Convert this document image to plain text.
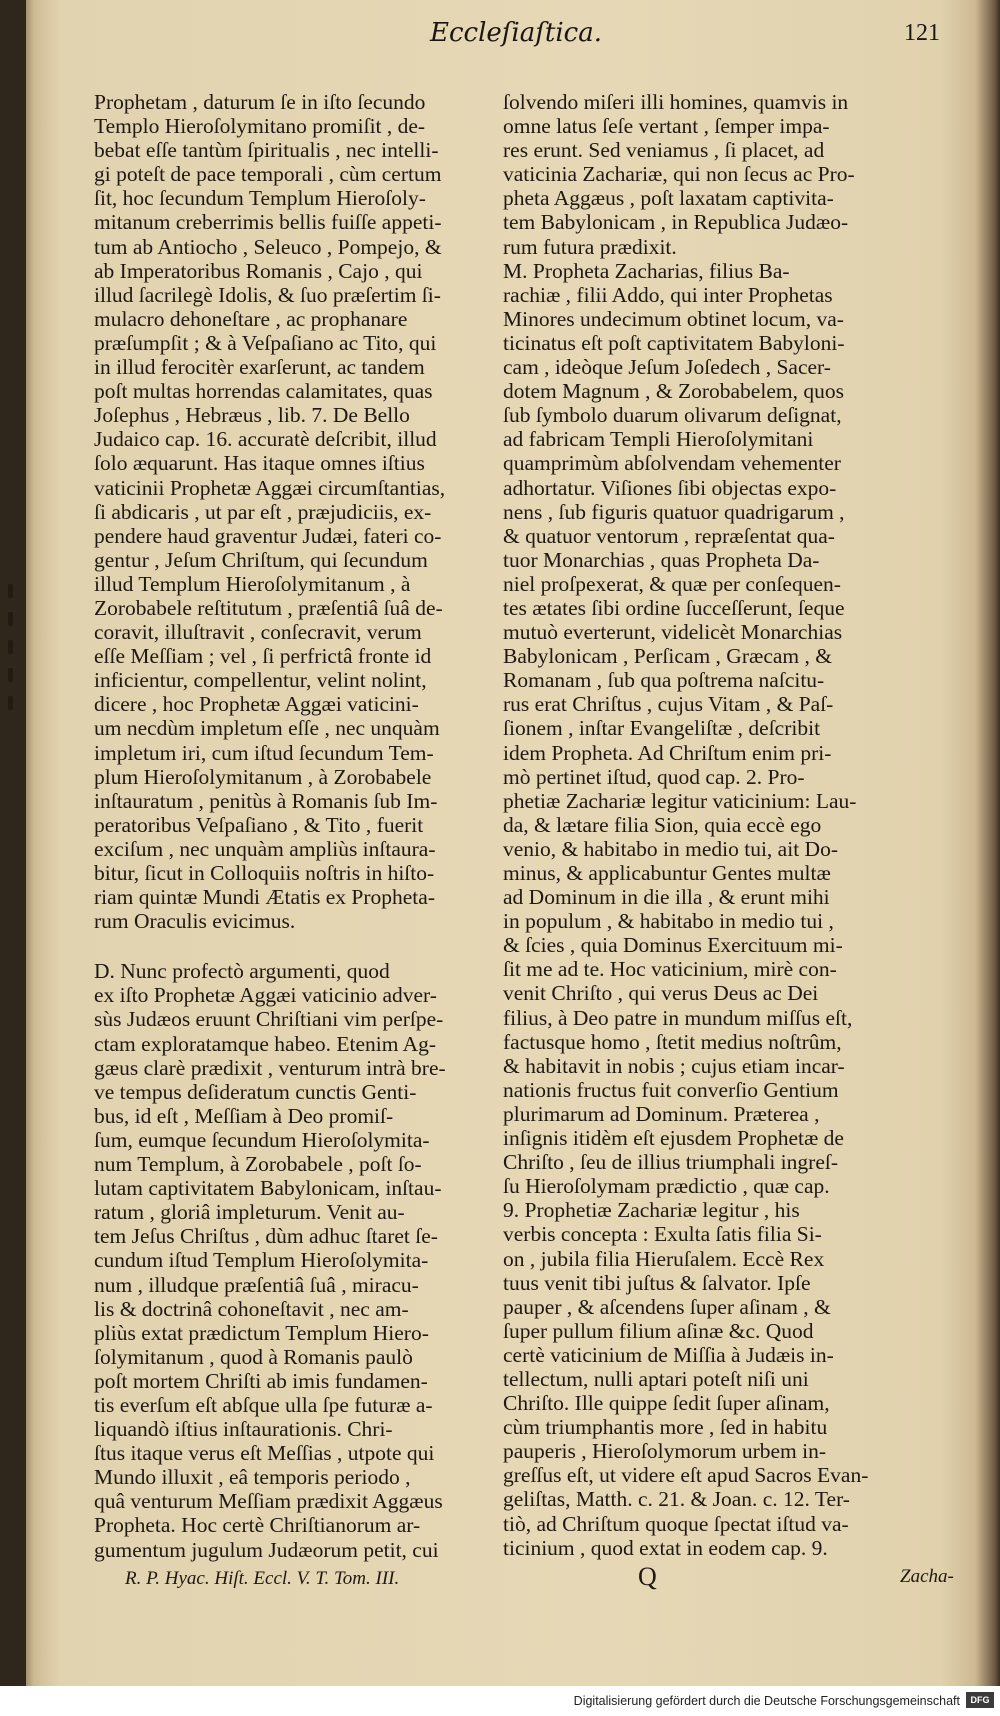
Eccleſiaſtica.	121
Prophetam , daturum ſe in iſto ſecundo
Templo Hieroſolymitano promiſit , de-
bebat eſſe tantùm ſpiritualis , nec intelli-
gi poteſt de pace temporali , cùm certum
ſit, hoc ſecundum Templum Hieroſoly-
mitanum creberrimis bellis fuiſſe appeti-
tum ab Antiocho , Seleuco , Pompejo, &
ab Imperatoribus Romanis , Cajo , qui
illud ſacrilegè Idolis, & ſuo præſertim ſi-
mulacro dehoneſtare , ac prophanare
præſumpſit ; & à Veſpaſiano ac Tito, qui
in illud ferocitèr exarſerunt, ac tandem
poſt multas horrendas calamitates, quas
Joſephus , Hebræus , lib. 7. De Bello
Judaico cap. 16. accuratè deſcribit, illud
ſolo æquarunt. Has itaque omnes iſtius
vaticinii Prophetæ Aggæi circumſtantias,
ſi abdicaris , ut par eſt , præjudiciis, ex-
pendere haud graventur Judæi, fateri co-
gentur , Jeſum Chriſtum, qui ſecundum
illud Templum Hieroſolymitanum , à
Zorobabele reſtitutum , præſentiâ ſuâ de-
coravit, illuſtravit , conſecravit, verum
eſſe Meſſiam ; vel , ſi perfrictâ fronte id
inficientur, compellentur, velint nolint,
dicere , hoc Prophetæ Aggæi vaticini-
um necdùm impletum eſſe , nec unquàm
impletum iri, cum iſtud ſecundum Tem-
plum Hieroſolymitanum , à Zorobabele
inſtauratum , penitùs à Romanis ſub Im-
peratoribus Veſpaſiano , & Tito , fuerit
exciſum , nec unquàm ampliùs inſtaura-
bitur, ſicut in Colloquiis noſtris in hiſto-
riam quintæ Mundi Ætatis ex Propheta-
rum Oraculis evicimus.
D. Nunc profectò argumenti, quod
ex iſto Prophetæ Aggæi vaticinio adver-
sùs Judæos eruunt Chriſtiani vim perſpe-
ctam exploratamque habeo. Etenim Ag-
gæus clarè prædixit , venturum intrà bre-
ve tempus deſideratum cunctis Genti-
bus, id eſt , Meſſiam à Deo promiſ-
ſum, eumque ſecundum Hieroſolymita-
num Templum, à Zorobabele , poſt ſo-
lutam captivitatem Babylonicam, inſtau-
ratum , gloriâ impleturum. Venit au-
tem Jeſus Chriſtus , dùm adhuc ſtaret ſe-
cundum iſtud Templum Hieroſolymita-
num , illudque præſentiâ ſuâ , miracu-
lis & doctrinâ cohoneſtavit , nec am-
pliùs extat prædictum Templum Hiero-
ſolymitanum , quod à Romanis paulò
poſt mortem Chriſti ab imis fundamen-
tis everſum eſt abſque ulla ſpe futuræ a-
liquandò iſtius inſtaurationis. Chri-
ſtus itaque verus eſt Meſſias , utpote qui
Mundo illuxit , eâ temporis periodo ,
quâ venturum Meſſiam prædixit Aggæus
Propheta. Hoc certè Chriſtianorum ar-
gumentum jugulum Judæorum petit, cui
ſolvendo miſeri illi homines, quamvis in
omne latus ſeſe vertant , ſemper impa-
res erunt. Sed veniamus , ſi placet, ad
vaticinia Zachariæ, qui non ſecus ac Pro-
pheta Aggæus , poſt laxatam captivita-
tem Babylonicam , in Republica Judæo-
rum futura prædixit.
M. Propheta Zacharias, filius Ba-
rachiæ , filii Addo, qui inter Prophetas
Minores undecimum obtinet locum, va-
ticinatus eſt poſt captivitatem Babyloni-
cam , ideòque Jeſum Joſedech , Sacer-
dotem Magnum , & Zorobabelem, quos
ſub ſymbolo duarum olivarum deſignat,
ad fabricam Templi Hieroſolymitani
quamprimùm abſolvendam vehementer
adhortatur. Viſiones ſibi objectas expo-
nens , ſub figuris quatuor quadrigarum ,
& quatuor ventorum , repræſentat qua-
tuor Monarchias , quas Propheta Da-
niel proſpexerat, & quæ per conſequen-
tes ætates ſibi ordine ſucceſſerunt, ſeque
mutuò everterunt, videlicèt Monarchias
Babylonicam , Perſicam , Græcam , &
Romanam , ſub qua poſtrema naſcitu-
rus erat Chriſtus , cujus Vitam , & Paſ-
ſionem , inſtar Evangeliſtæ , deſcribit
idem Propheta. Ad Chriſtum enim pri-
mò pertinet iſtud, quod cap. 2. Pro-
phetiæ Zachariæ legitur vaticinium: Lau-
da, & lætare filia Sion, quia eccè ego
venio, & habitabo in medio tui, ait Do-
minus, & applicabuntur Gentes multæ
ad Dominum in die illa , & erunt mihi
in populum , & habitabo in medio tui ,
& ſcies , quia Dominus Exercituum mi-
ſit me ad te. Hoc vaticinium, mirè con-
venit Chriſto , qui verus Deus ac Dei
filius, à Deo patre in mundum miſſus eſt,
factusque homo , ſtetit medius noſtrûm,
& habitavit in nobis ; cujus etiam incar-
nationis fructus fuit converſio Gentium
plurimarum ad Dominum. Præterea ,
inſignis itidèm eſt ejusdem Prophetæ de
Chriſto , ſeu de illius triumphali ingreſ-
ſu Hieroſolymam prædictio , quæ cap.
9. Prophetiæ Zachariæ legitur , his
verbis concepta : Exulta ſatis filia Si-
on , jubila filia Hieruſalem. Eccè Rex
tuus venit tibi juſtus & ſalvator. Ipſe
pauper , & aſcendens ſuper aſinam , &
ſuper pullum filium aſinæ &c. Quod
certè vaticinium de Miſſia à Judæis in-
tellectum, nulli aptari poteſt niſi uni
Chriſto. Ille quippe ſedit ſuper aſinam,
cùm triumphantis more , ſed in habitu
pauperis , Hieroſolymorum urbem in-
greſſus eſt, ut videre eſt apud Sacros Evan-
geliſtas, Matth. c. 21. & Joan. c. 12. Ter-
tiò, ad Chriſtum quoque ſpectat iſtud va-
ticinium , quod extat in eodem cap. 9.
R. P. Hyac. Hiſt. Eccl. V. T. Tom. III.	Q	Zacha-
Digitalisierung gefördert durch die Deutsche Forschungsgemeinschaft	DFG
